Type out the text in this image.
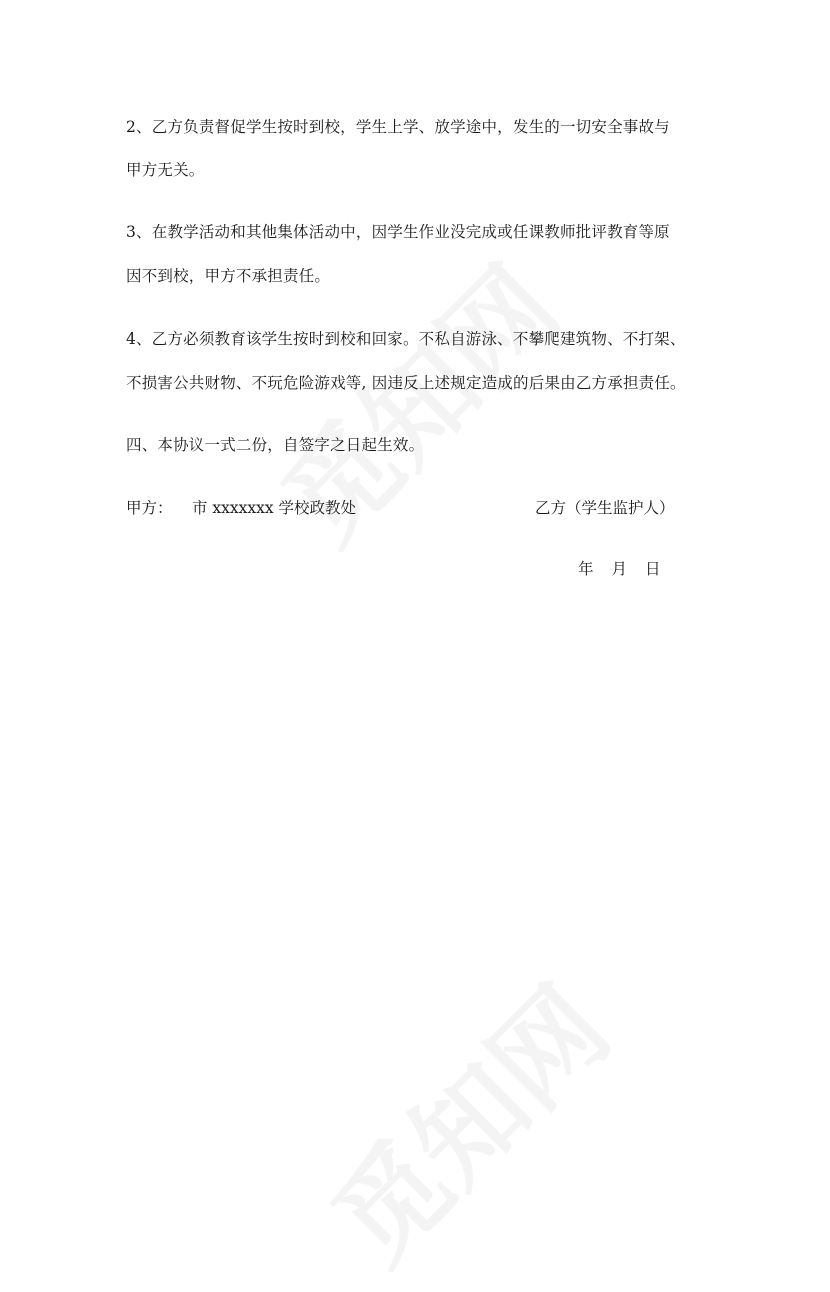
2、乙方负责督促学生按时到校，学生上学、放学途中，发生的一切安全事故与
甲方无关。
3、在教学活动和其他集体活动中，因学生作业没完成或任课教师批评教育等原
因不到校，甲方不承担责任。
4、乙方必须教育该学生按时到校和回家。不私自游泳、不攀爬建筑物、不打架、
不损害公共财物、不玩危险游戏等, 因违反上述规定造成的后果由乙方承担责任。
四、本协议一式二份，自签字之日起生效。
甲方： 市 xxxxxxx 学校政教处	乙方（学生监护人）
年 月 日
